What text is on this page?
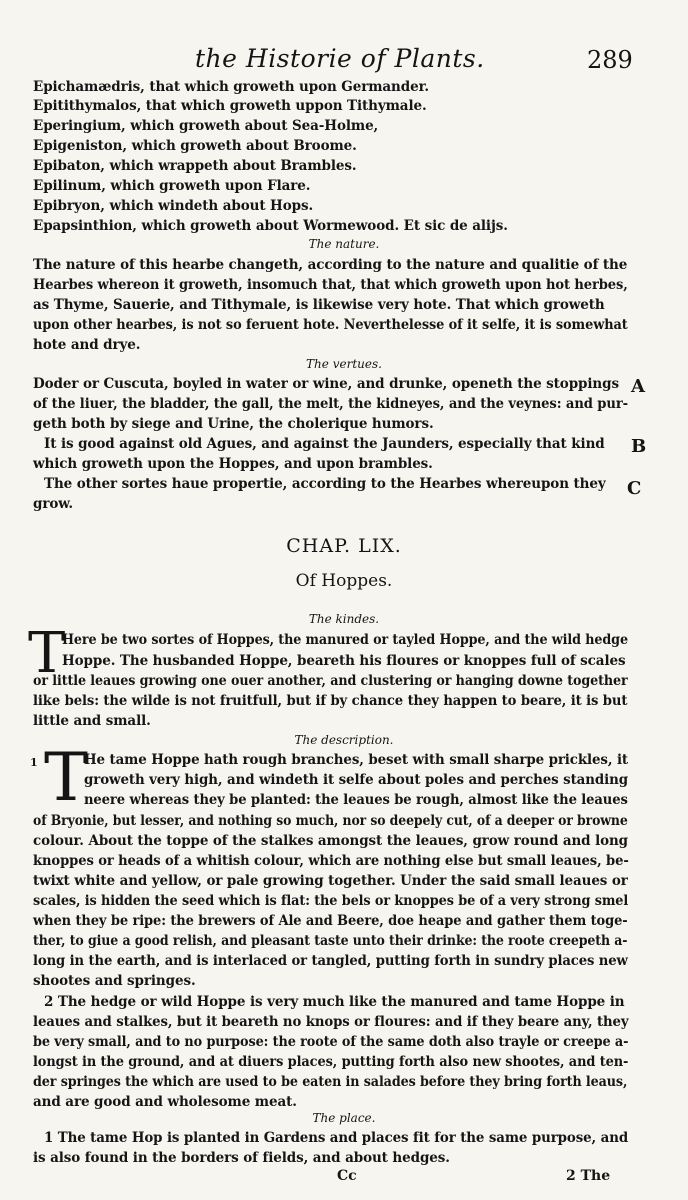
the Historie of Plants.	289
Epichamædris, that which groweth upon Germander.
Epitithymalos, that which groweth uppon Tithymale.
Eperingium, which groweth about Sea-Holme,
Epigeniston, which groweth about Broome.
Epibaton, which wrappeth about Brambles.
Epilinum, which groweth upon Flare.
Epibryon, which windeth about Hops.
Epapsinthion, which groweth about Wormewood. Et sic de alijs.
The nature.
The nature of this hearbe changeth, according to the nature and qualitie of the
Hearbes whereon it groweth, insomuch that, that which groweth upon hot herbes,
as Thyme, Sauerie, and Tithymale, is likewise very hote. That which groweth
upon other hearbes, is not so feruent hote. Neverthelesse of it selfe, it is somewhat
hote and drye.
The vertues.
Doder or Cuscuta, boyled in water or wine, and drunke, openeth the stoppings
of the liuer, the bladder, the gall, the melt, the kidneyes, and the veynes: and pur-
geth both by siege and Urine, the cholerique humors.
It is good against old Agues, and against the Jaunders, especially that kind
which groweth upon the Hoppes, and upon brambles.
The other sortes haue propertie, according to the Hearbes whereupon they
grow.
A
B
C
CHAP. LIX.
Of Hoppes.
The kindes.
T
Here be two sortes of Hoppes, the manured or tayled Hoppe, and the wild hedge
Hoppe. The husbanded Hoppe, beareth his floures or knoppes full of scales
or little leaues growing one ouer another, and clustering or hanging downe together
like bels: the wilde is not fruitfull, but if by chance they happen to beare, it is but
little and small.
The description.
1 T
He tame Hoppe hath rough branches, beset with small sharpe prickles, it
groweth very high, and windeth it selfe about poles and perches standing
neere whereas they be planted: the leaues be rough, almost like the leaues
of Bryonie, but lesser, and nothing so much, nor so deepely cut, of a deeper or browne
colour. About the toppe of the stalkes amongst the leaues, grow round and long
knoppes or heads of a whitish colour, which are nothing else but small leaues, be-
twixt white and yellow, or pale growing together. Under the said small leaues or
scales, is hidden the seed which is flat: the bels or knoppes be of a very strong smel
when they be ripe: the brewers of Ale and Beere, doe heape and gather them toge-
ther, to giue a good relish, and pleasant taste unto their drinke: the roote creepeth a-
long in the earth, and is interlaced or tangled, putting forth in sundry places new
shootes and springes.
2 The hedge or wild Hoppe is very much like the manured and tame Hoppe in
leaues and stalkes, but it beareth no knops or floures: and if they beare any, they
be very small, and to no purpose: the roote of the same doth also trayle or creepe a-
longst in the ground, and at diuers places, putting forth also new shootes, and ten-
der springes the which are used to be eaten in salades before they bring forth leaus,
and are good and wholesome meat.
The place.
1 The tame Hop is planted in Gardens and places fit for the same purpose, and
is also found in the borders of fields, and about hedges.
Cc	2 The
